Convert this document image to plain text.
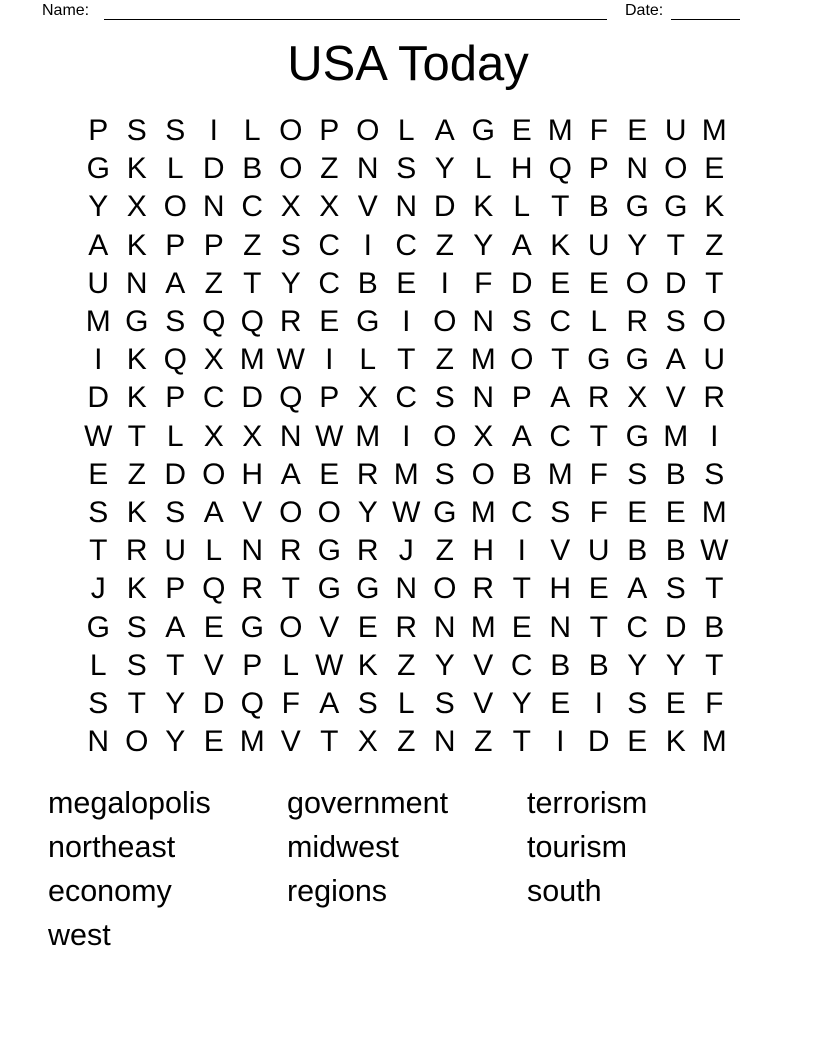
Name:	Date:
USA Today
P S S I L O P O L A G E M F E U M
G K L D B O Z N S Y L H Q P N O E
Y X O N C X X V N D K L T B G G K
A K P P Z S C I C Z Y A K U Y T Z
U N A Z T Y C B E I F D E E O D T
M G S Q Q R E G I O N S C L R S O
I K Q X M W I L T Z M O T G G A U
D K P C D Q P X C S N P A R X V R
W T L X X N W M I O X A C T G M I
E Z D O H A E R M S O B M F S B S
S K S A V O O Y W G M C S F E E M
T R U L N R G R J Z H I V U B B W
J K P Q R T G G N O R T H E A S T
G S A E G O V E R N M E N T C D B
L S T V P L W K Z Y V C B B Y Y T
S T Y D Q F A S L S V Y E I S E F
N O Y E M V T X Z N Z T I D E K M
megalopolis
northeast
economy
west
government
midwest
regions
terrorism
tourism
south
